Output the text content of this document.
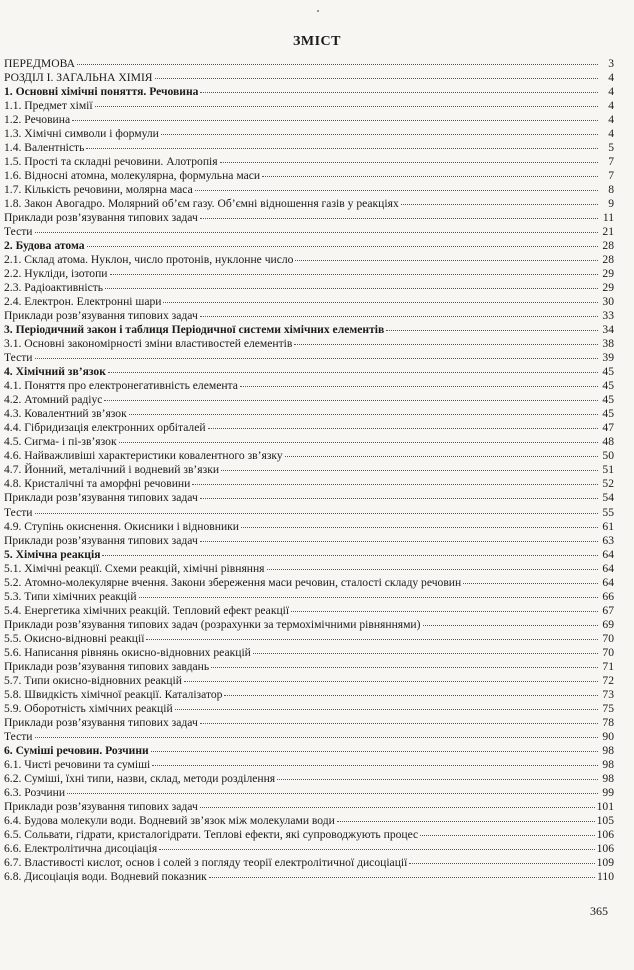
ЗМІСТ
ПЕРЕДМОВА	3
РОЗДІЛ І. ЗАГАЛЬНА ХІМІЯ	4
1. Основні хімічні поняття. Речовина	4
1.1. Предмет хімії	4
1.2. Речовина	4
1.3. Хімічні символи і формули	4
1.4. Валентність	5
1.5. Прості та складні речовини. Алотропія	7
1.6. Відносні атомна, молекулярна, формульна маси	7
1.7. Кількість речовини, молярна маса	8
1.8. Закон Авогадро. Молярний об’єм газу. Об’ємні відношення газів у реакціях	9
Приклади розв’язування типових задач	11
Тести	21
2. Будова атома	28
2.1. Склад атома. Нуклон, число протонів, нуклонне число	28
2.2. Нукліди, ізотопи	29
2.3. Радіоактивність	29
2.4. Електрон. Електронні шари	30
Приклади розв’язування типових задач	33
3. Періодичний закон і таблиця Періодичної системи хімічних елементів	34
3.1. Основні закономірності зміни властивостей елементів	38
Тести	39
4. Хімічний зв’язок	45
4.1. Поняття про електронегативність елемента	45
4.2. Атомний радіус	45
4.3. Ковалентний зв’язок	45
4.4. Гібридизація електронних орбіталей	47
4.5. Сигма- і пі-зв’язок	48
4.6. Найважливіші характеристики ковалентного зв’язку	50
4.7. Йонний, металічний і водневий зв’язки	51
4.8. Кристалічні та аморфні речовини	52
Приклади розв’язування типових задач	54
Тести	55
4.9. Ступінь окиснення. Окисники і відновники	61
Приклади розв’язування типових задач	63
5. Хімічна реакція	64
5.1. Хімічні реакції. Схеми реакцій, хімічні рівняння	64
5.2. Атомно-молекулярне вчення. Закони збереження маси речовин, сталості складу речовин	64
5.3. Типи хімічних реакцій	66
5.4. Енергетика хімічних реакцій. Тепловий ефект реакції	67
Приклади розв’язування типових задач (розрахунки за термохімічними рівняннями)	69
5.5. Окисно-відновні реакції	70
5.6. Написання рівнянь окисно-відновних реакцій	70
Приклади розв’язування типових завдань	71
5.7. Типи окисно-відновних реакцій	72
5.8. Швидкість хімічної реакції. Каталізатор	73
5.9. Оборотність хімічних реакцій	75
Приклади розв’язування типових задач	78
Тести	90
6. Суміші речовин. Розчини	98
6.1. Чисті речовини та суміші	98
6.2. Суміші, їхні типи, назви, склад, методи розділення	98
6.3. Розчини	99
Приклади розв’язування типових задач	101
6.4. Будова молекули води. Водневий зв’язок між молекулами води	105
6.5. Сольвати, гідрати, кристалогідрати. Теплові ефекти, які супроводжують процес	106
6.6. Електролітична дисоціація	106
6.7. Властивості кислот, основ і солей з погляду теорії електролітичної дисоціації	109
6.8. Дисоціація води. Водневий показник	110
365
